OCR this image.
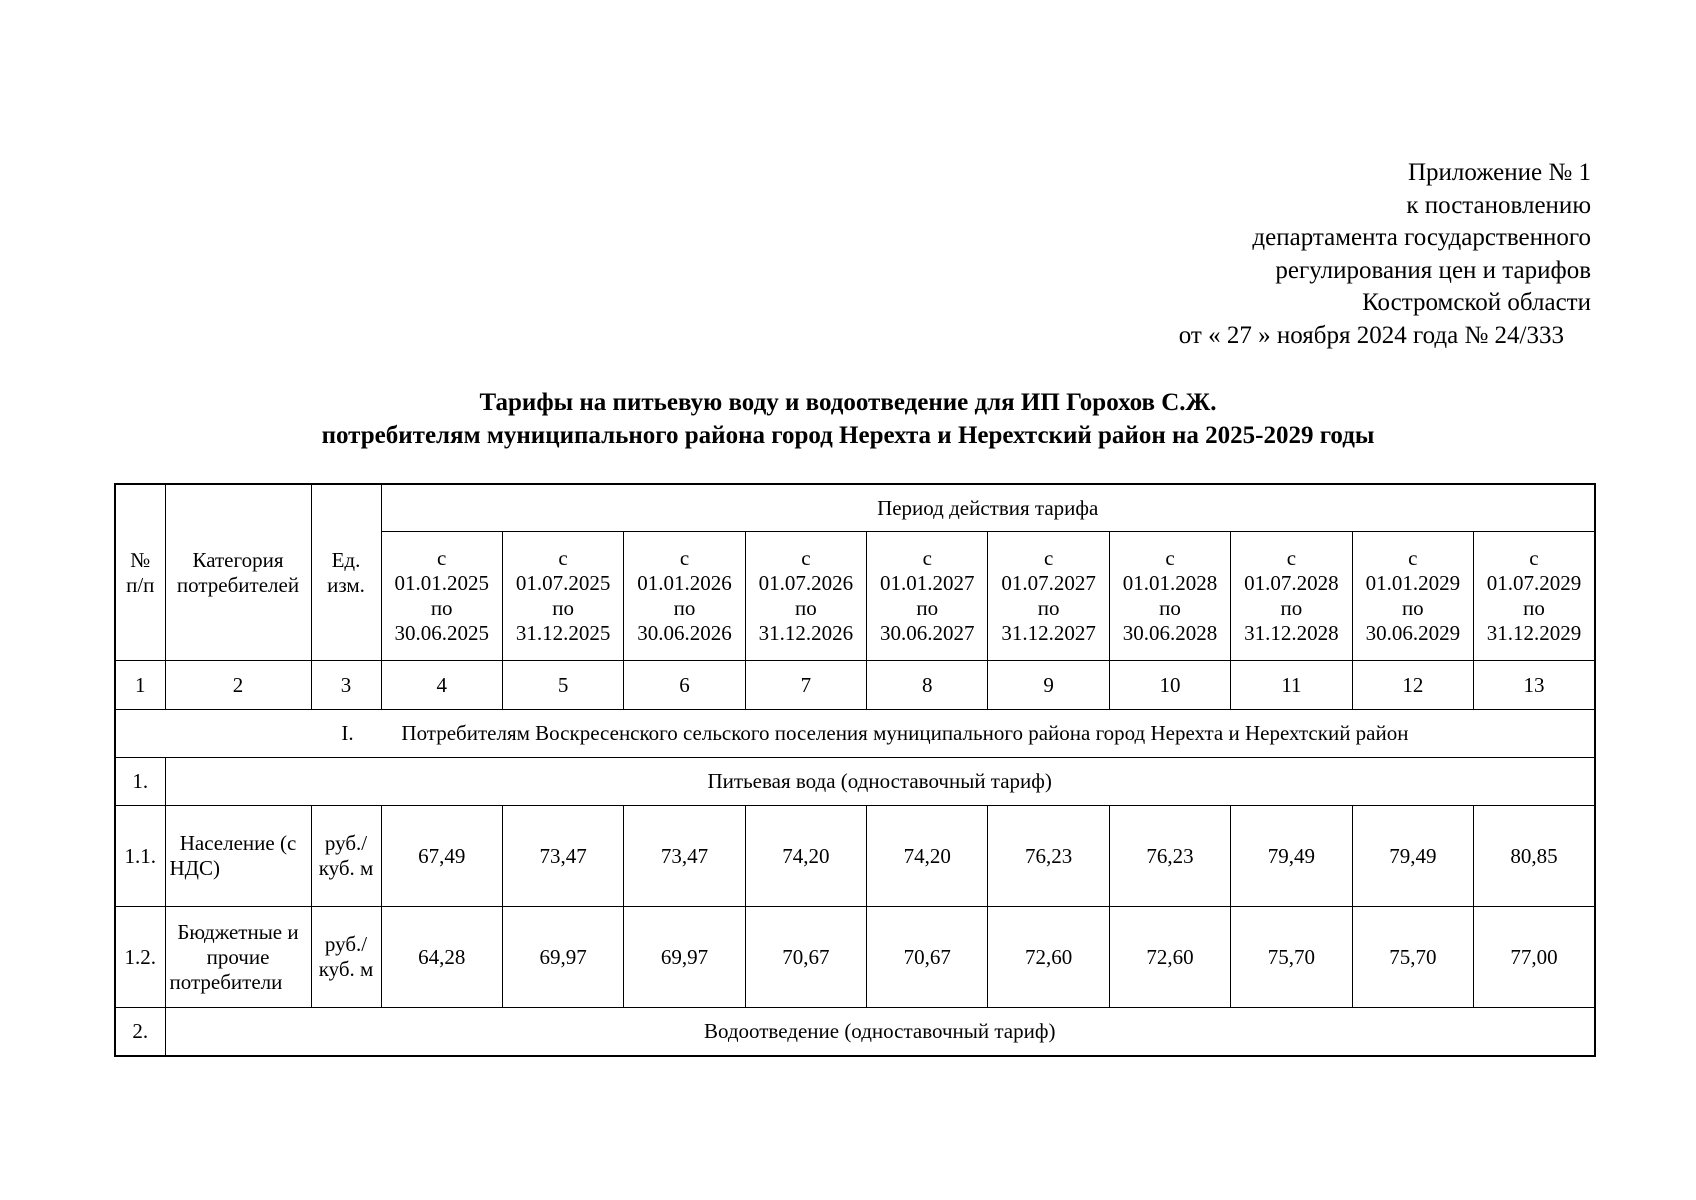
Приложение № 1
к постановлению
департамента государственного
регулирования цен и тарифов
Костромской области
от « 27 » ноября 2024 года № 24/333
Тарифы на питьевую воду и водоотведение для ИП Горохов С.Ж.
потребителям муниципального района город Нерехта и Нерехтский район на 2025-2029 годы
№ п/п	Категория потребителей	Ед. изм.	Период действия тарифа									

			с
01.01.2025
по
30.06.2025	с
01.07.2025
по
31.12.2025	с
01.01.2026
по
30.06.2026	с
01.07.2026
по
31.12.2026	с
01.01.2027
по
30.06.2027	с
01.07.2027
по
31.12.2027	с
01.01.2028
по
30.06.2028	с
01.07.2028
по
31.12.2028	с
01.01.2029
по
30.06.2029	с
01.07.2029
по
31.12.2029

1	2	3	4	5	6	7	8	9	10	11	12	13
I. Потребителям Воскресенского сельского поселения муниципального района город Нерехта и Нерехтский район												
1.	Питьевая вода (одноставочный тариф)											
1.1.	Население (с НДС)	руб./ куб. м	67,49	73,47	73,47	74,20	74,20	76,23	76,23	79,49	79,49	80,85
1.2.	Бюджетные и прочие потребители	руб./ куб. м	64,28	69,97	69,97	70,67	70,67	72,60	72,60	75,70	75,70	77,00
2.	Водоотведение (одноставочный тариф)											
